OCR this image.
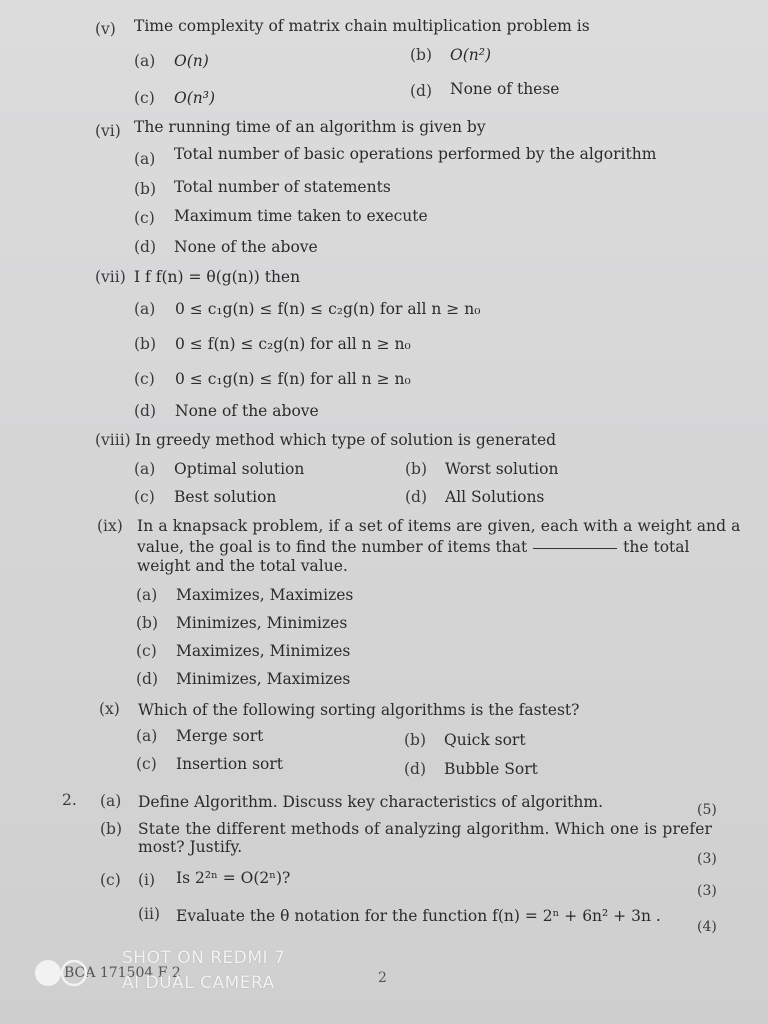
(v) Time complexity of matrix chain multiplication problem is
(a) O(n)	(b) O(n²)
(c) O(n³)	(d) None of these
(vi) The running time of an algorithm is given by
(a) Total number of basic operations performed by the algorithm
(b) Total number of statements
(c) Maximum time taken to execute
(d) None of the above
(vii) I f f(n) = θ(g(n)) then
(a) 0 ≤ c₁g(n) ≤ f(n) ≤ c₂g(n) for all n ≥ n₀
(b) 0 ≤ f(n) ≤ c₂g(n) for all n ≥ n₀
(c) 0 ≤ c₁g(n) ≤ f(n) for all n ≥ n₀
(d) None of the above
(viii) In greedy method which type of solution is generated
(a) Optimal solution	(b) Worst solution
(c) Best solution	(d) All Solutions
(ix) In a knapsack problem, if a set of items are given, each with a weight and a
value, the goal is to find the number of items that	the total
weight and the total value.
(a) Maximizes, Maximizes
(b) Minimizes, Minimizes
(c) Maximizes, Minimizes
(d) Minimizes, Maximizes
(x) Which of the following sorting algorithms is the fastest?
(a) Merge sort	(b) Quick sort
(c) Insertion sort	(d) Bubble Sort
2. (a) Define Algorithm. Discuss key characteristics of algorithm.	(5)
(b) State the different methods of analyzing algorithm. Which one is prefer
most? Justify.
(3)
(c) (i) Is 2²ⁿ = O(2ⁿ)?
(3)
(ii) Evaluate the θ notation for the function f(n) = 2ⁿ + 6n² + 3n .
(4)
BCA 171504 F 2	2
SHOT ON REDMI 7
AI DUAL CAMERA
